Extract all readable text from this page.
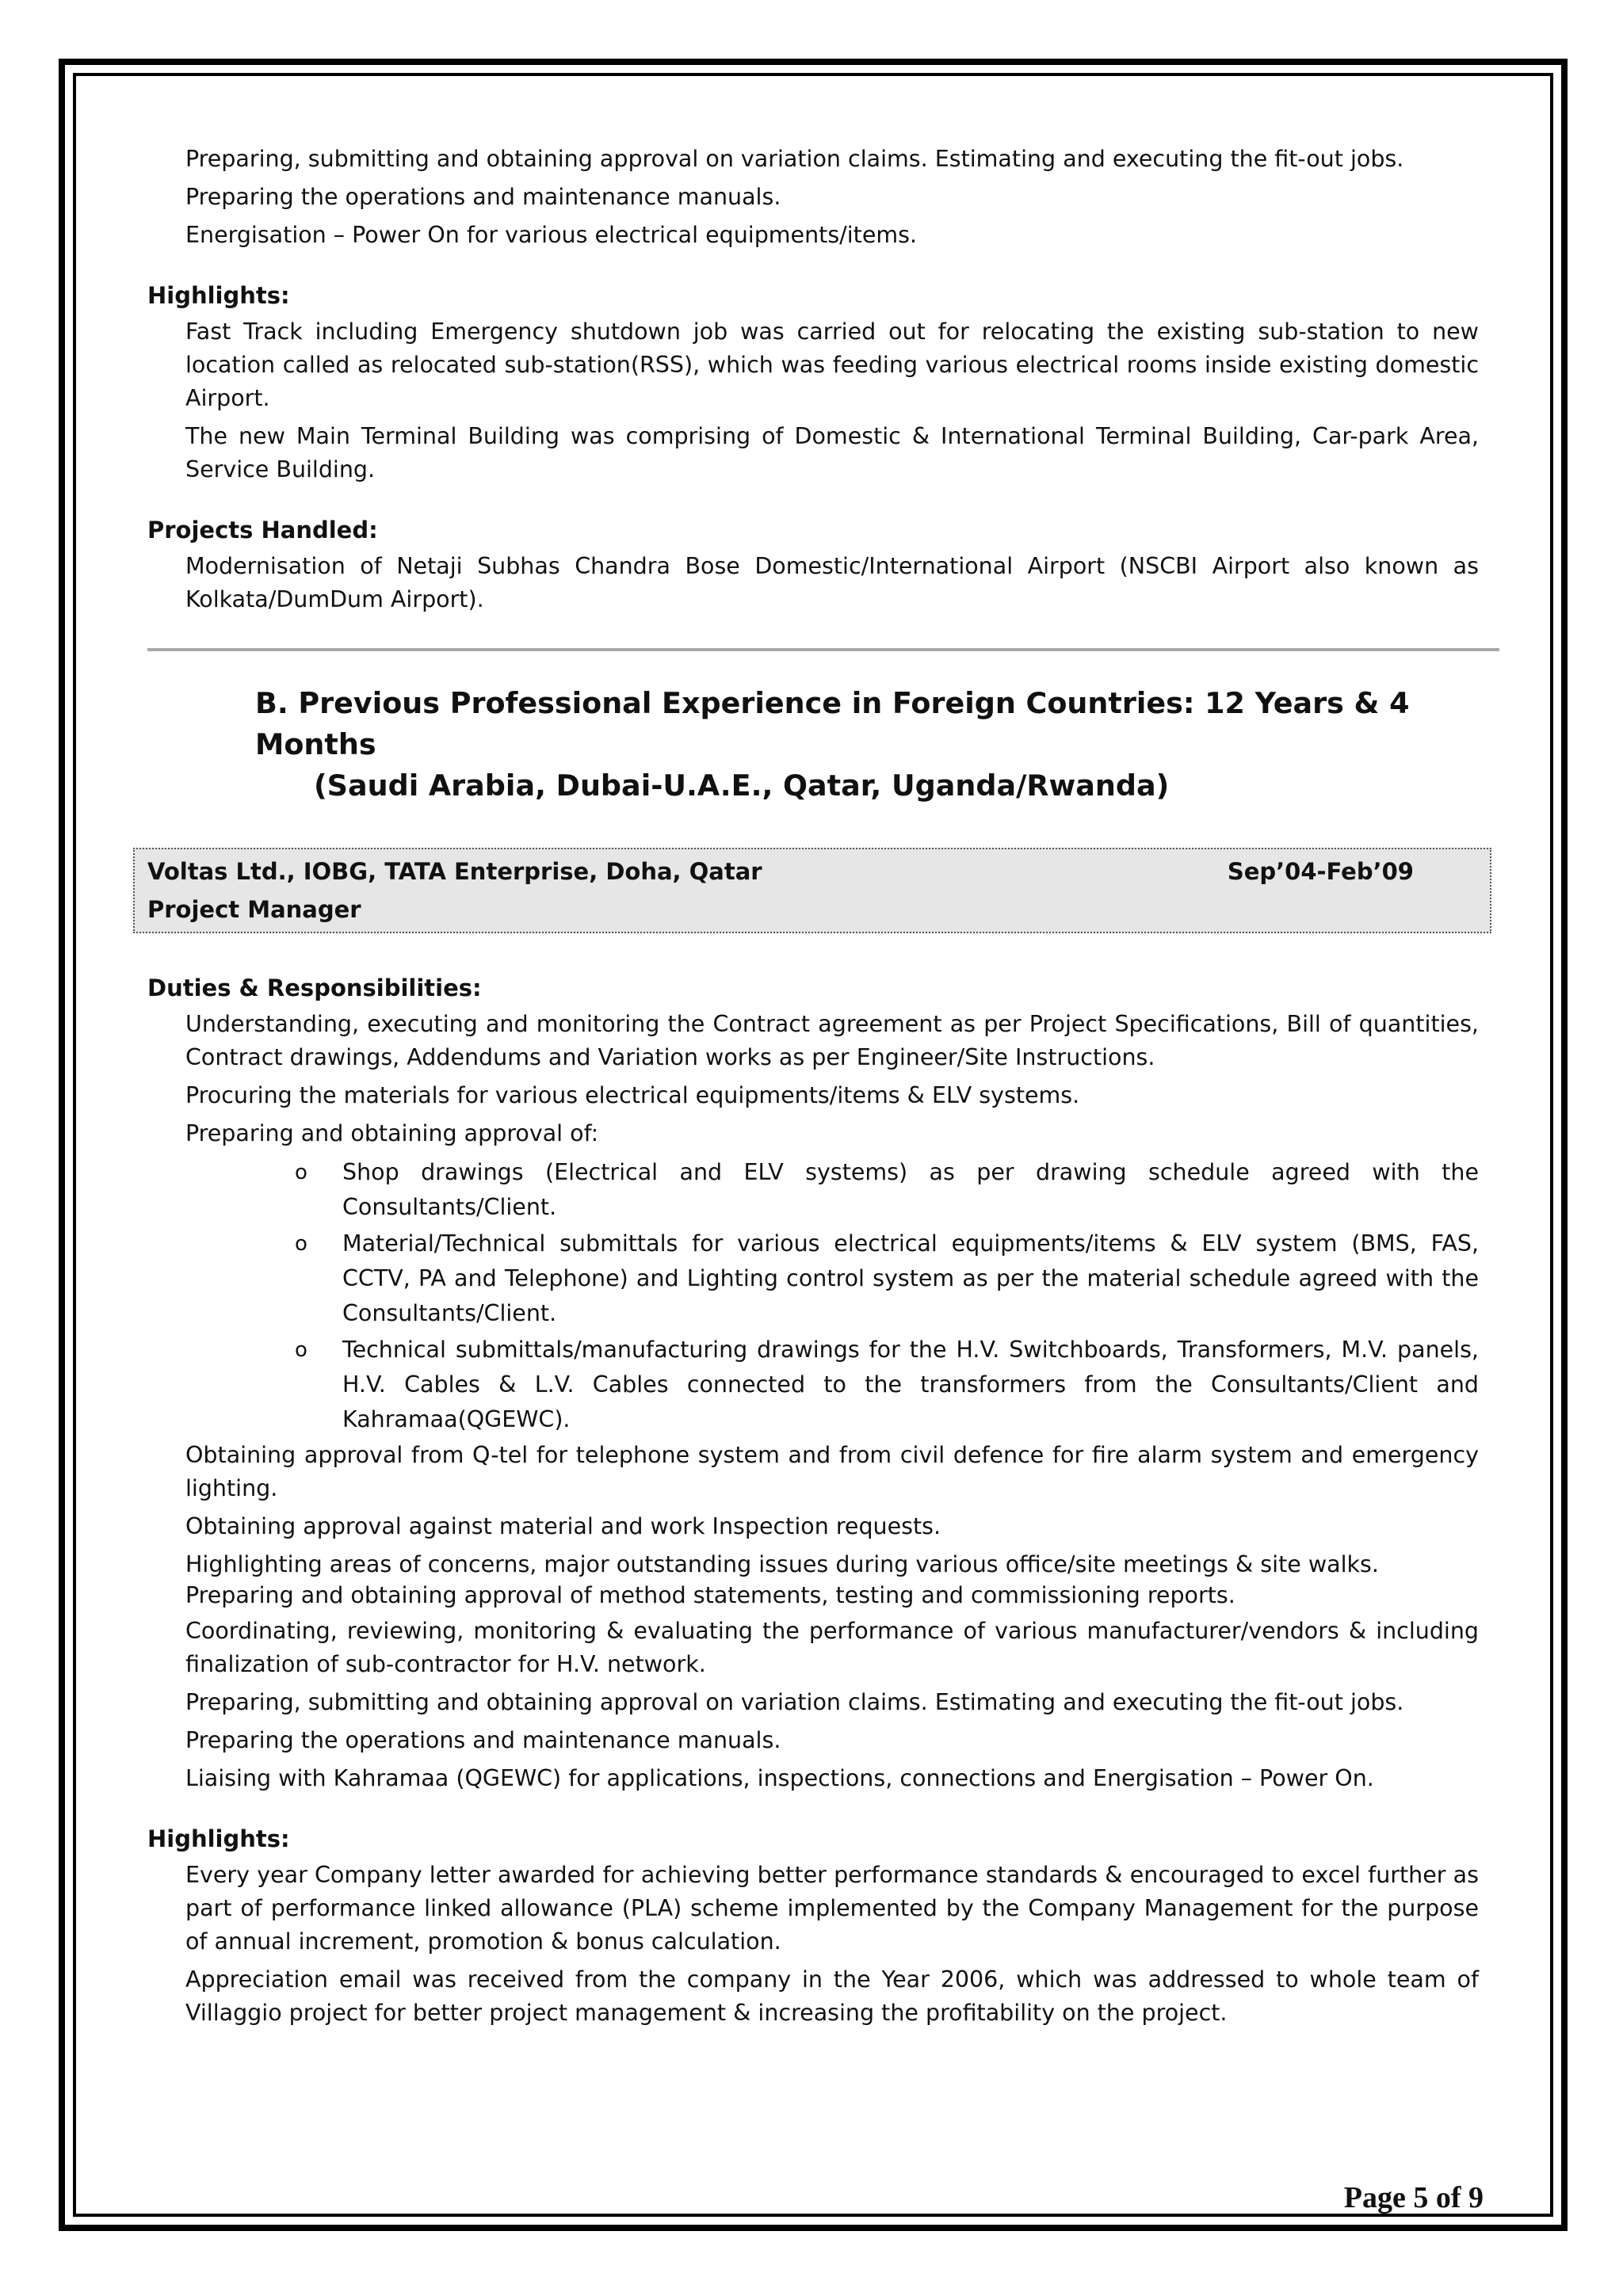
Preparing, submitting and obtaining approval on variation claims. Estimating and executing the fit-out jobs.
Preparing the operations and maintenance manuals.
Energisation – Power On for various electrical equipments/items.
Highlights:
Fast Track including Emergency shutdown job was carried out for relocating the existing sub-station to new location called as relocated sub-station(RSS), which was feeding various electrical rooms inside existing domestic Airport.
The new Main Terminal Building was comprising of Domestic & International Terminal Building, Car-park Area, Service Building.
Projects Handled:
Modernisation of Netaji Subhas Chandra Bose Domestic/International Airport (NSCBI Airport also known as Kolkata/DumDum Airport).
B. Previous Professional Experience in Foreign Countries: 12 Years & 4 Months
(Saudi Arabia, Dubai-U.A.E., Qatar, Uganda/Rwanda)
Voltas Ltd., IOBG, TATA Enterprise, Doha, Qatar	Sep’04-Feb’09
Project Manager
Duties & Responsibilities:
Understanding, executing and monitoring the Contract agreement as per Project Specifications, Bill of quantities, Contract drawings, Addendums and Variation works as per Engineer/Site Instructions.
Procuring the materials for various electrical equipments/items & ELV systems.
Preparing and obtaining approval of:
o Shop drawings (Electrical and ELV systems) as per drawing schedule agreed with the Consultants/Client.
o Material/Technical submittals for various electrical equipments/items & ELV system (BMS, FAS, CCTV, PA and Telephone) and Lighting control system as per the material schedule agreed with the Consultants/Client.
o Technical submittals/manufacturing drawings for the H.V. Switchboards, Transformers, M.V. panels, H.V. Cables & L.V. Cables connected to the transformers from the Consultants/Client and Kahramaa(QGEWC).
Obtaining approval from Q-tel for telephone system and from civil defence for fire alarm system and emergency lighting.
Obtaining approval against material and work Inspection requests.
Highlighting areas of concerns, major outstanding issues during various office/site meetings & site walks.
Preparing and obtaining approval of method statements, testing and commissioning reports.
Coordinating, reviewing, monitoring & evaluating the performance of various manufacturer/vendors & including finalization of sub-contractor for H.V. network.
Preparing, submitting and obtaining approval on variation claims. Estimating and executing the fit-out jobs.
Preparing the operations and maintenance manuals.
Liaising with Kahramaa (QGEWC) for applications, inspections, connections and Energisation – Power On.
Highlights:
Every year Company letter awarded for achieving better performance standards & encouraged to excel further as part of performance linked allowance (PLA) scheme implemented by the Company Management for the purpose of annual increment, promotion & bonus calculation.
Appreciation email was received from the company in the Year 2006, which was addressed to whole team of Villaggio project for better project management & increasing the profitability on the project.
Page 5 of 9
